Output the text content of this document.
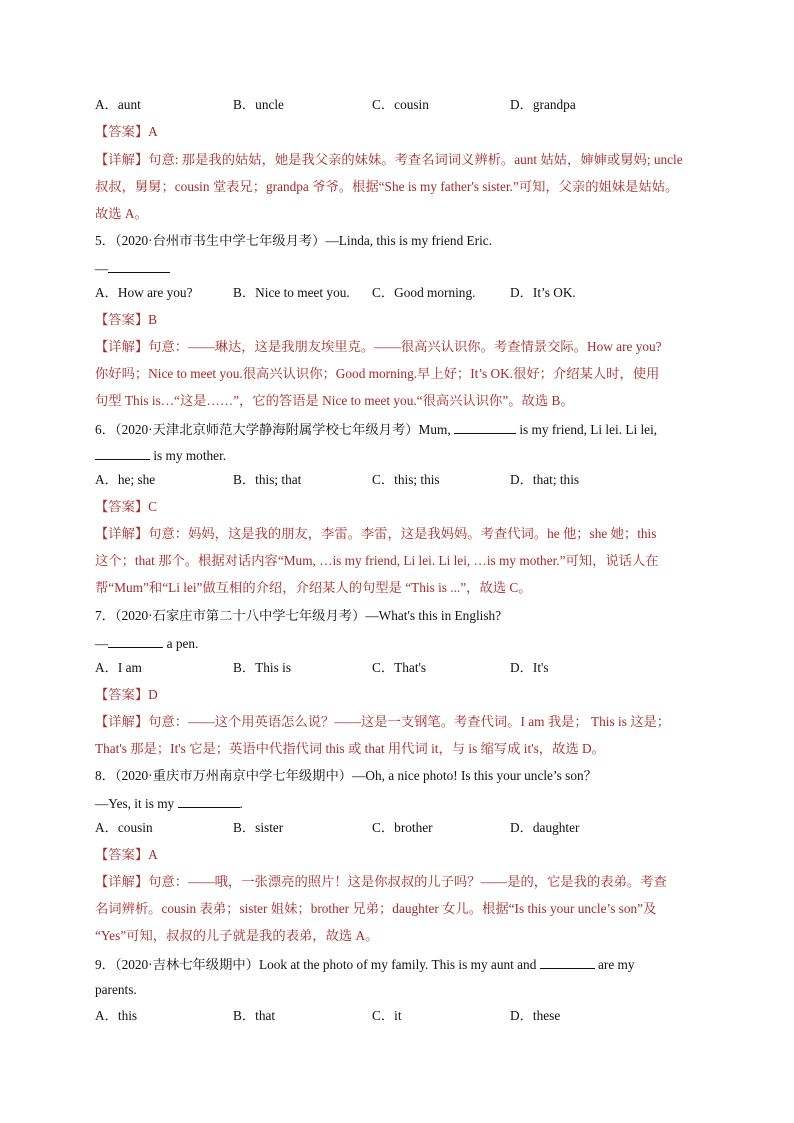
A．aunt	B．uncle	C．cousin	D．grandpa
【答案】A
【详解】句意: 那是我的姑姑，她是我父亲的妹妹。考查名词词义辨析。aunt 姑姑，婶婶或舅妈; uncle
叔叔，舅舅；cousin 堂表兄；grandpa 爷爷。根据“She is my father's sister.”可知，父亲的姐妹是姑姑。
故选 A。
5．（2020·台州市书生中学七年级月考）—Linda, this is my friend Eric.
—
A．How are you?	B．Nice to meet you. C．Good morning.	D．It’s OK.
【答案】B
【详解】句意：——琳达，这是我朋友埃里克。——很高兴认识你。考查情景交际。How are you?
你好吗；Nice to meet you.很高兴认识你；Good morning.早上好；It’s OK.很好；介绍某人时，使用
句型 This is…“这是……”，它的答语是 Nice to meet you.“很高兴认识你”。故选 B。
6．（2020·天津北京师范大学静海附属学校七年级月考）Mum,	is my friend, Li lei. Li lei,
is my mother.
A．he; she	B．this; that	C．this; this	D．that; this
【答案】C
【详解】句意：妈妈，这是我的朋友，李雷。李雷，这是我妈妈。考查代词。he 他；she 她；this
这个；that 那个。根据对话内容“Mum, …is my friend, Li lei. Li lei, …is my mother.”可知，说话人在
帮“Mum”和“Li lei”做互相的介绍，介绍某人的句型是 “This is ...”，故选 C。
7．（2020·石家庄市第二十八中学七年级月考）—What's this in English?
—	a pen.
A．I am	B．This is	C．That's	D．It's
【答案】D
【详解】句意：——这个用英语怎么说？——这是一支钢笔。考查代词。I am 我是； This is 这是；
That's 那是；It's 它是；英语中代指代词 this 或 that 用代词 it，与 is 缩写成 it's，故选 D。
8．（2020·重庆市万州南京中学七年级期中）—Oh, a nice photo! Is this your uncle’s son？
—Yes, it is my	.
A．cousin	B．sister	C．brother	D．daughter
【答案】A
【详解】句意：——哦，一张漂亮的照片！这是你叔叔的儿子吗？——是的，它是我的表弟。考查
名词辨析。cousin 表弟；sister 姐妹；brother 兄弟；daughter 女儿。根据“Is this your uncle’s son”及
“Yes”可知，叔叔的儿子就是我的表弟，故选 A。
9．（2020·吉林七年级期中）Look at the photo of my family. This is my aunt and	are my
parents.
A．this	B．that	C．it	D．these
